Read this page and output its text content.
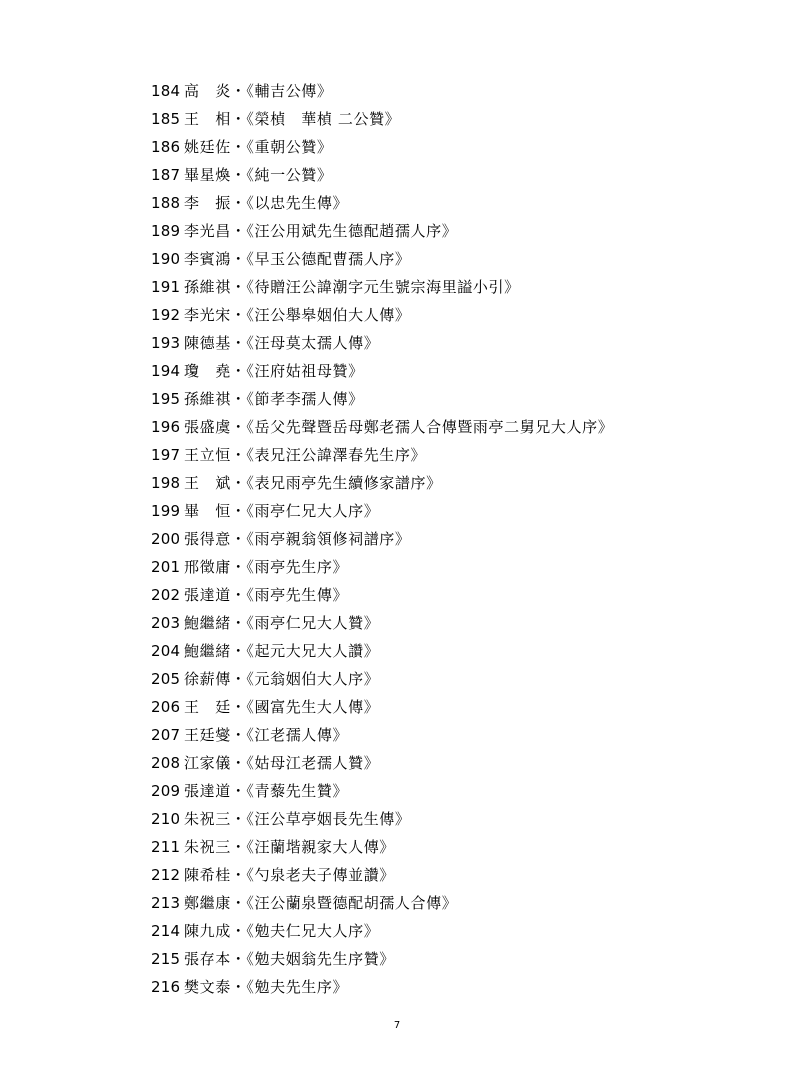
184 高　炎・《輔吉公傳》
185 王　相・《榮楨　華楨 二公贊》
186 姚廷佐・《重朝公贊》
187 畢星煥・《純一公贊》
188 李　振・《以忠先生傳》
189 李光昌・《汪公用斌先生德配趙孺人序》
190 李賓鴻・《早玉公德配曹孺人序》
191 孫維祺・《待贈汪公諱潮字元生號宗海里謚小引》
192 李光宋・《汪公舉皋姻伯大人傳》
193 陳德基・《汪母莫太孺人傳》
194 瓊　堯・《汪府姑祖母贊》
195 孫維祺・《節孝李孺人傳》
196 張盛虞・《岳父先聲暨岳母鄭老孺人合傳暨雨亭二舅兄大人序》
197 王立恒・《表兄汪公諱澤春先生序》
198 王　斌・《表兄雨亭先生續修家譜序》
199 畢　恒・《雨亭仁兄大人序》
200 張得意・《雨亭親翁領修祠譜序》
201 邢徵庸・《雨亭先生序》
202 張達道・《雨亭先生傳》
203 鮑繼緒・《雨亭仁兄大人贊》
204 鮑繼緒・《起元大兄大人讚》
205 徐薪傳・《元翁姻伯大人序》
206 王　廷・《國富先生大人傳》
207 王廷燮・《江老孺人傳》
208 江家儀・《姑母江老孺人贊》
209 張達道・《青藜先生贊》
210 朱祝三・《汪公草亭姻長先生傳》
211 朱祝三・《汪蘭堦親家大人傳》
212 陳希桂・《勺泉老夫子傳並讚》
213 鄭繼康・《汪公蘭泉暨德配胡孺人合傳》
214 陳九成・《勉夫仁兄大人序》
215 張存本・《勉夫姻翁先生序贊》
216 樊文泰・《勉夫先生序》
7
